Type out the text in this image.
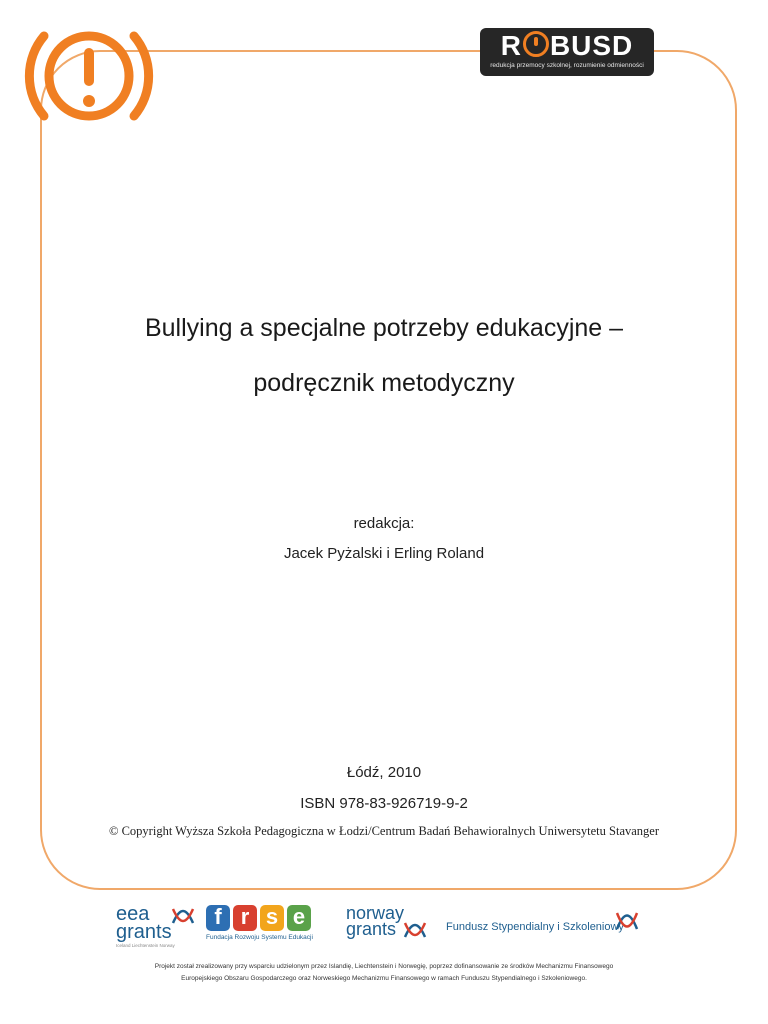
R BUSD
redukcja przemocy szkolnej, rozumienie odmienności
Bullying a specjalne potrzeby edukacyjne –
podręcznik metodyczny
redakcja:
Jacek Pyżalski i Erling Roland
Łódź, 2010
ISBN 978-83-926719-9-2
© Copyright Wyższa Szkoła Pedagogiczna w Łodzi/Centrum Badań Behawioralnych Uniwersytetu Stavanger
eea
grants
Iceland Liechtenstein Norway
f r s e
Fundacja Rozwoju Systemu Edukacji
norway
grants	Fundusz Stypendialny i Szkoleniowy
Projekt został zrealizowany przy wsparciu udzielonym przez Islandię, Liechtenstein i Norwegię, poprzez dofinansowanie ze środków Mechanizmu Finansowego
Europejskiego Obszaru Gospodarczego oraz Norweskiego Mechanizmu Finansowego w ramach Funduszu Stypendialnego i Szkoleniowego.
